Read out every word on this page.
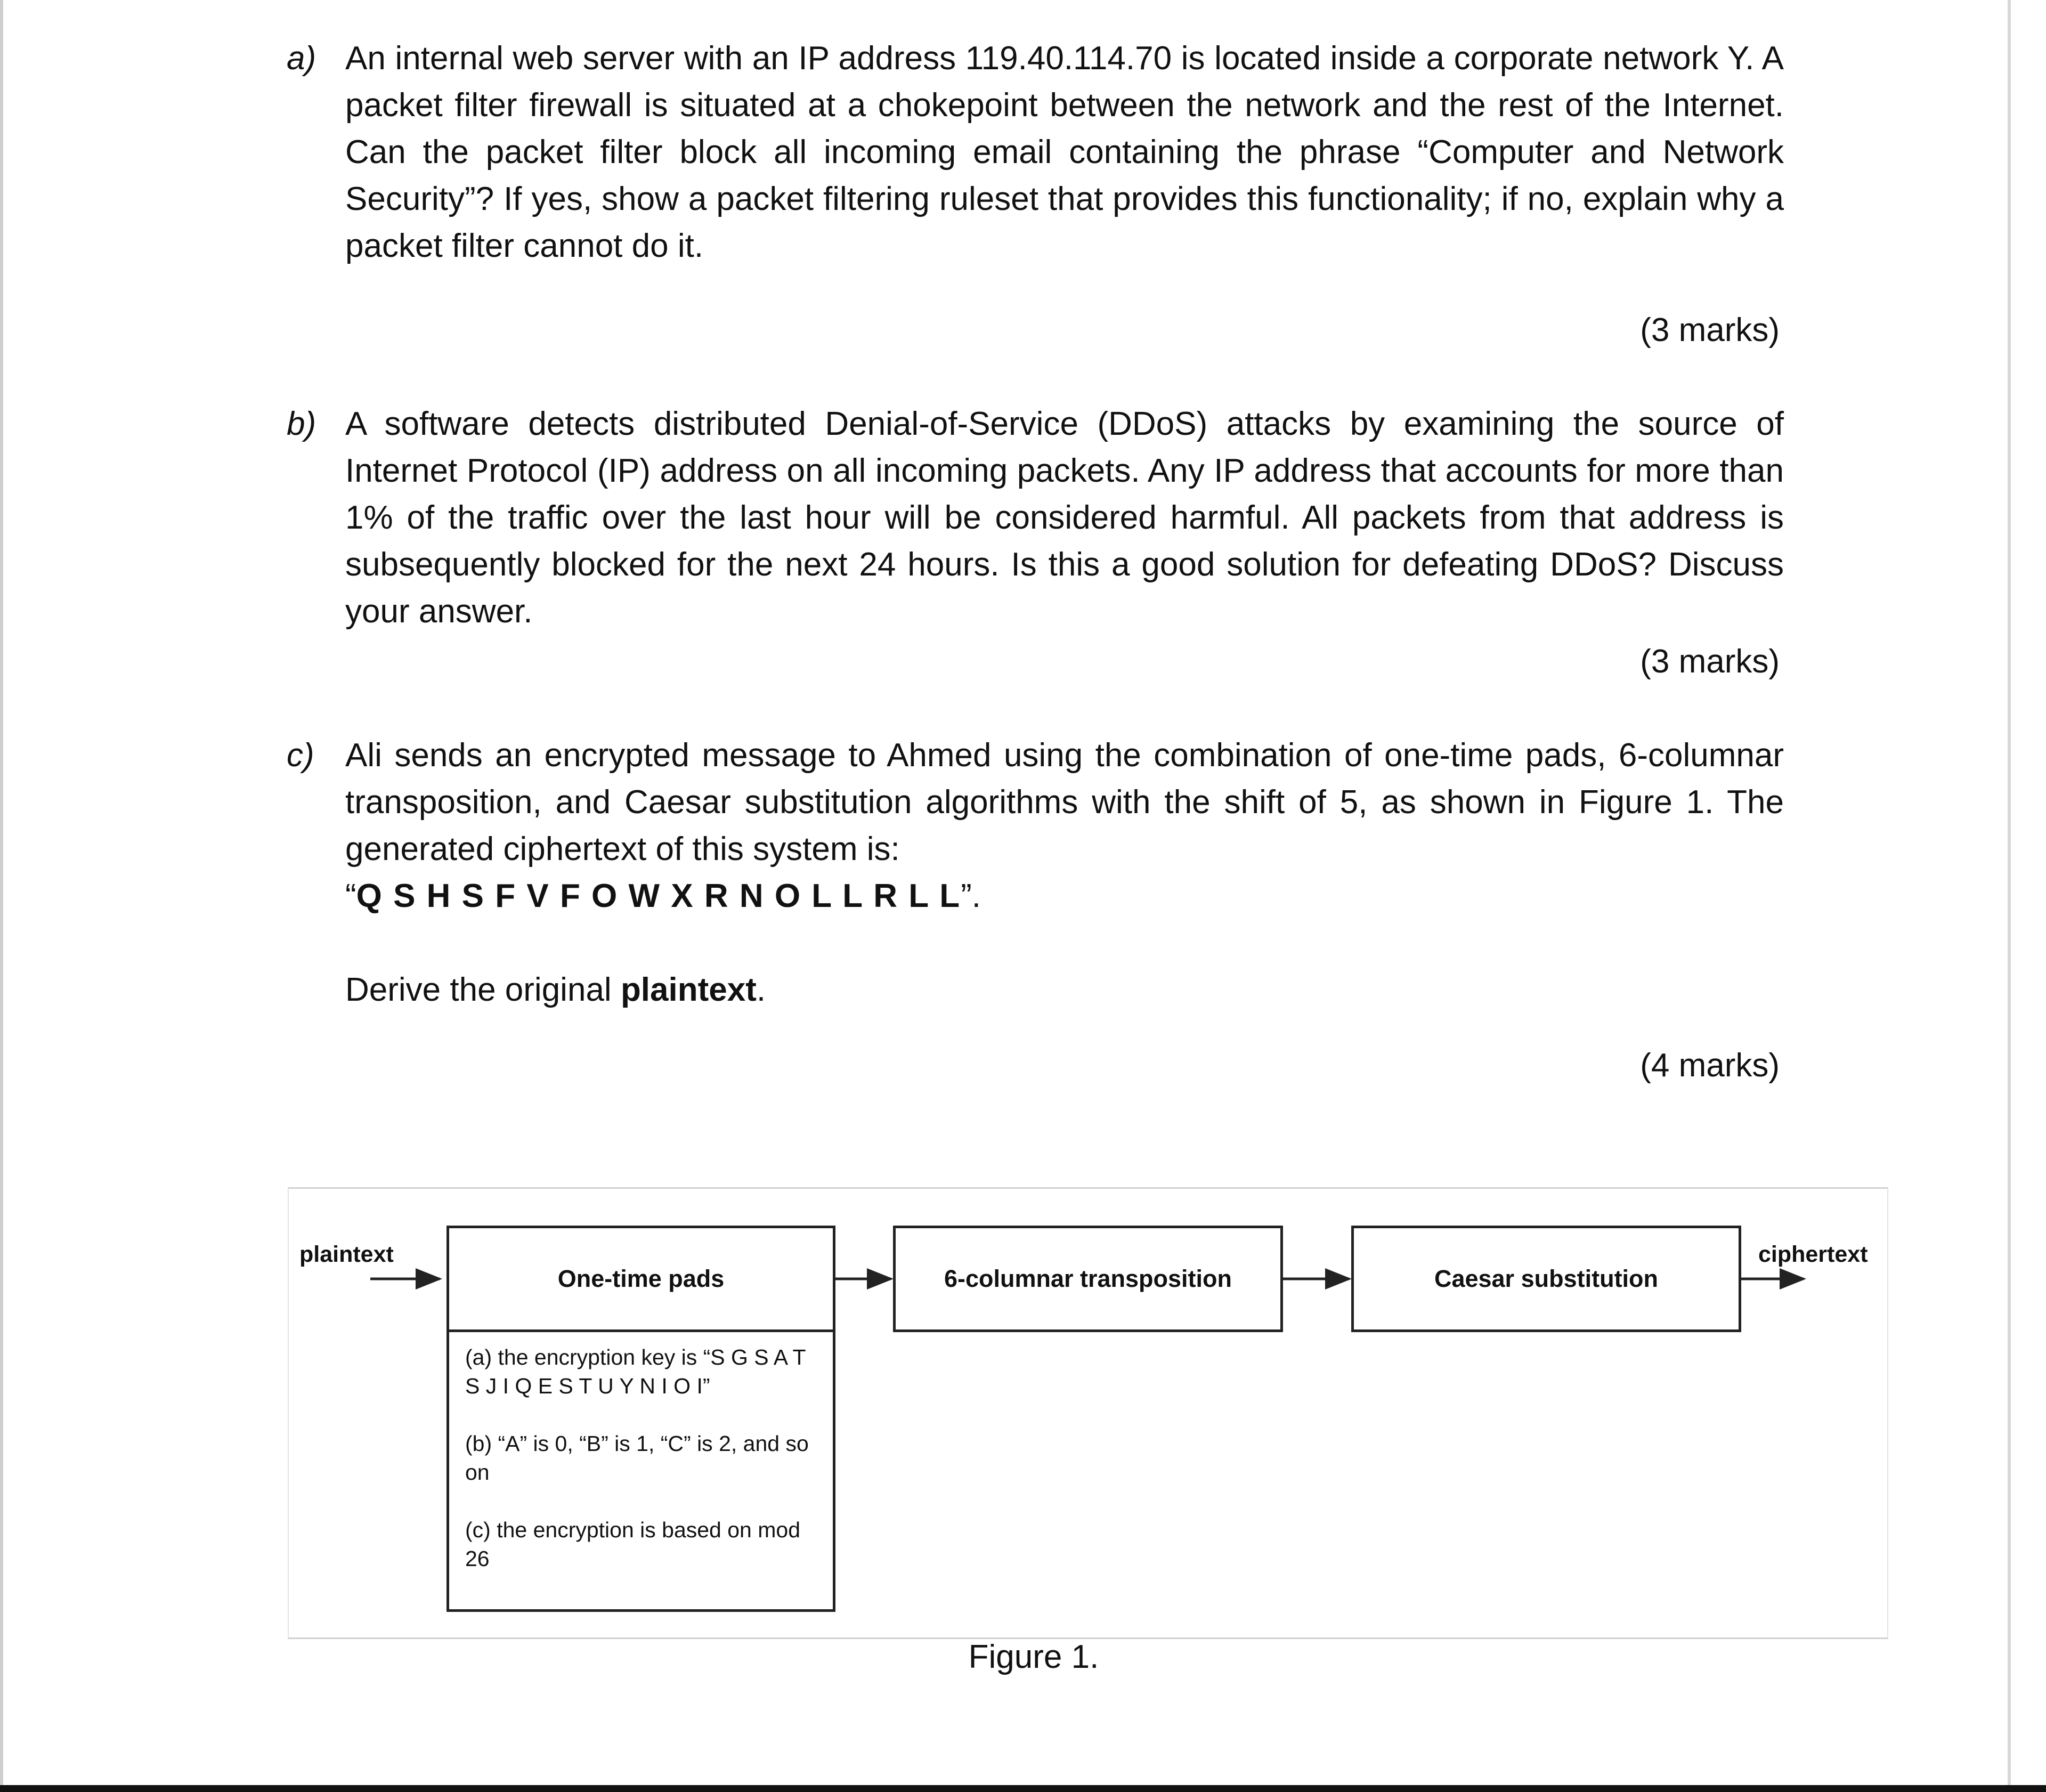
a) An internal web server with an IP address 119.40.114.70 is located inside a corporate network Y. A packet filter firewall is situated at a chokepoint between the network and the rest of the Internet. Can the packet filter block all incoming email containing the phrase “Computer and Network Security”? If yes, show a packet filtering ruleset that provides this functionality; if no, explain why a packet filter cannot do it.
(3 marks)
b) A software detects distributed Denial-of-Service (DDoS) attacks by examining the source of Internet Protocol (IP) address on all incoming packets. Any IP address that accounts for more than 1% of the traffic over the last hour will be considered harmful. All packets from that address is subsequently blocked for the next 24 hours. Is this a good solution for defeating DDoS? Discuss your answer.
(3 marks)
c) Ali sends an encrypted message to Ahmed using the combination of one-time pads, 6-columnar transposition, and Caesar substitution algorithms with the shift of 5, as shown in Figure 1. The generated ciphertext of this system is:
“Q S H S F V F O W X R N O L L R L L”.
Derive the original plaintext.
(4 marks)
plaintext	ciphertext
One-time pads

(a) the encryption key is “S G S A T S J I Q E S T U Y N I O I”

(b) “A” is 0, “B” is 1, “C” is 2, and so on

(c) the encryption is based on mod 26

6-columnar transposition	Caesar substitution
Figure 1.
